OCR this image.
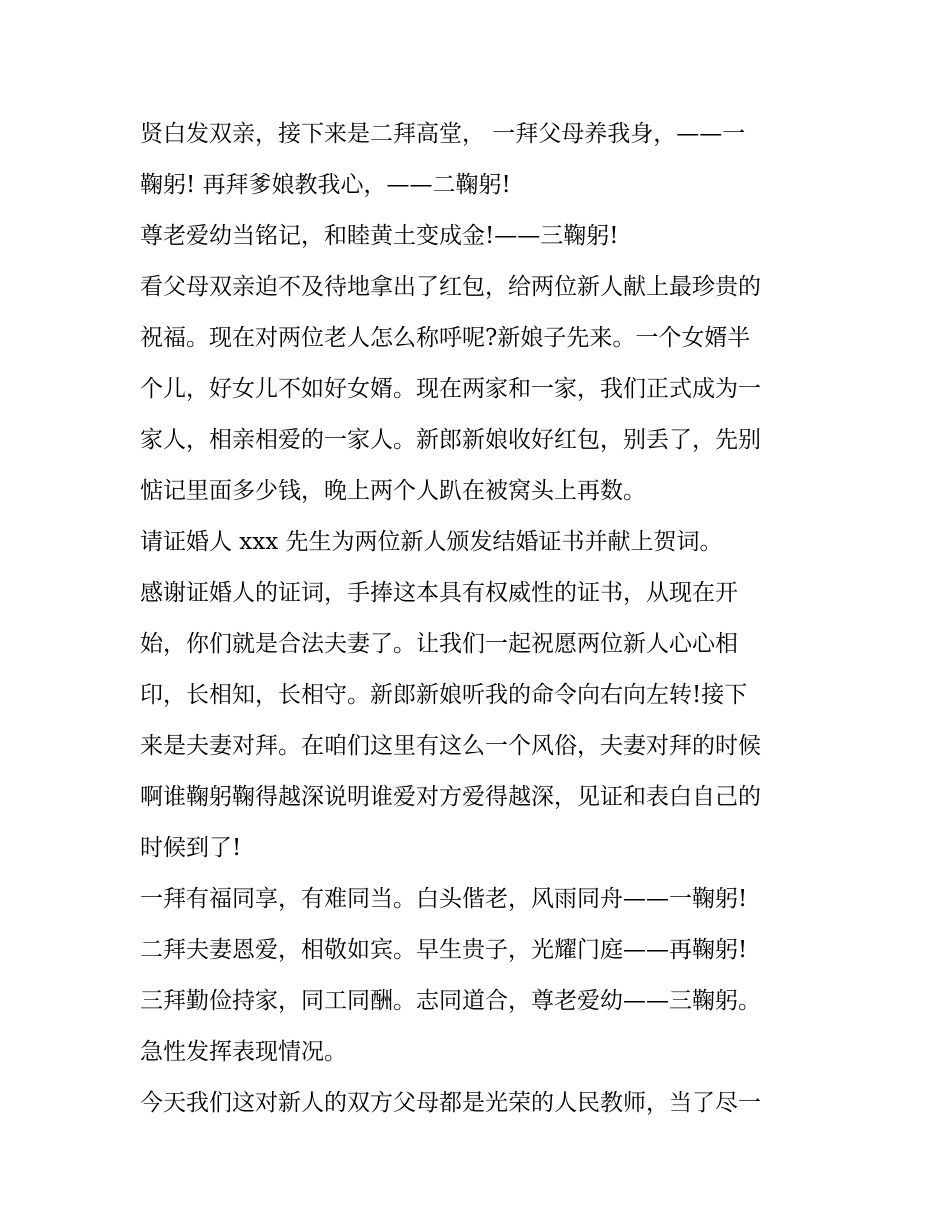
贤白发双亲，接下来是二拜高堂， 一拜父母养我身，——一
鞠躬! 再拜爹娘教我心，——二鞠躬!
尊老爱幼当铭记，和睦黄土变成金!——三鞠躬!
看父母双亲迫不及待地拿出了红包，给两位新人献上最珍贵的
祝福。现在对两位老人怎么称呼呢?新娘子先来。一个女婿半
个儿，好女儿不如好女婿。现在两家和一家，我们正式成为一
家人，相亲相爱的一家人。新郎新娘收好红包，别丢了，先别
惦记里面多少钱，晚上两个人趴在被窝头上再数。
请证婚人 xxx 先生为两位新人颁发结婚证书并献上贺词。
感谢证婚人的证词，手捧这本具有权威性的证书，从现在开
始，你们就是合法夫妻了。让我们一起祝愿两位新人心心相
印，长相知，长相守。新郎新娘听我的命令向右向左转!接下
来是夫妻对拜。在咱们这里有这么一个风俗，夫妻对拜的时候
啊谁鞠躬鞠得越深说明谁爱对方爱得越深，见证和表白自己的
时候到了!
一拜有福同享，有难同当。白头偕老，风雨同舟——一鞠躬!
二拜夫妻恩爱，相敬如宾。早生贵子，光耀门庭——再鞠躬!
三拜勤俭持家，同工同酬。志同道合，尊老爱幼——三鞠躬。
急性发挥表现情况。
今天我们这对新人的双方父母都是光荣的人民教师，当了尽一
